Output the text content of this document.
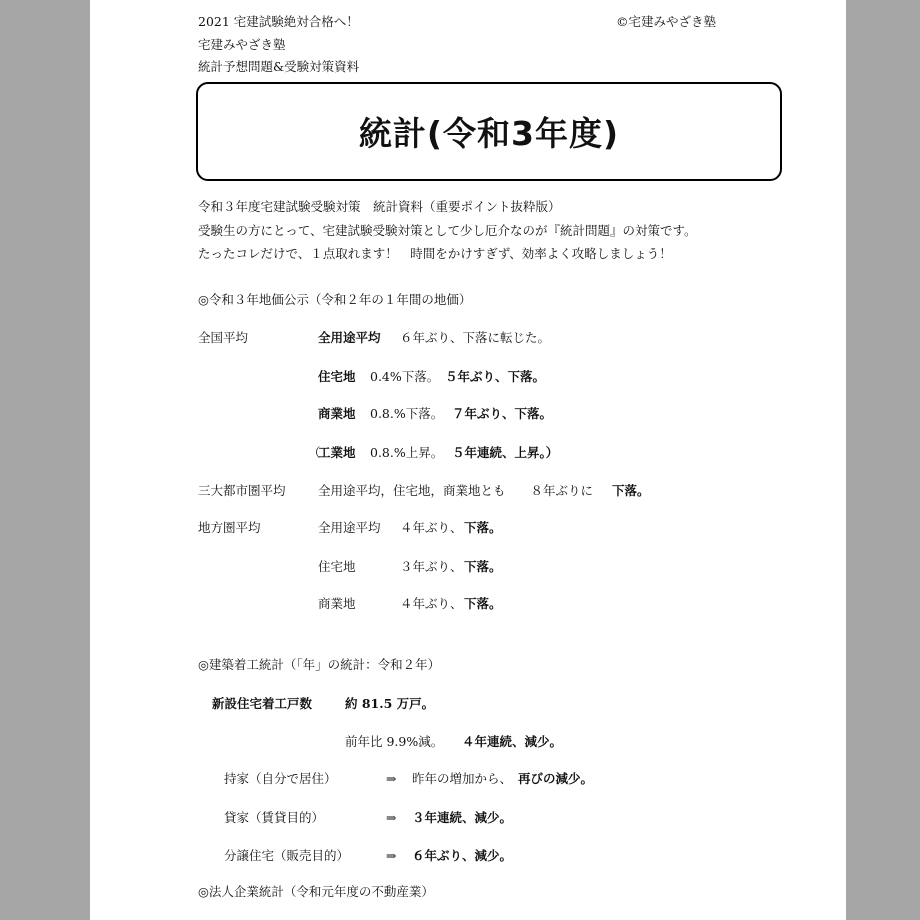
2021 宅建試験絶対合格へ！
宅建みやざき塾
統計予想問題&受験対策資料
©宅建みやざき塾
統計(令和3年度)
令和３年度宅建試験受験対策　統計資料（重要ポイント抜粋版）
受験生の方にとって、宅建試験受験対策として少し厄介なのが『統計問題』の対策です。
たったコレだけで、１点取れます！　時間をかけすぎず、効率よく攻略しましょう！
◎令和３年地価公示（令和２年の１年間の地価）
全国平均	全用途平均 ６年ぶり、下落に転じた。
住宅地 0.4%下落。 ５年ぶり、下落。
商業地 0.8.%下落。 ７年ぶり、下落。
（
工業地 0.8.%上昇。 ５年連続、上昇。）
三大都市圏平均	全用途平均，住宅地，商業地とも　　８年ぶりに 下落。
地方圏平均	全用途平均 ４年ぶり、 下落。
住宅地	３年ぶり、 下落。
商業地	４年ぶり、 下落。
◎建築着工統計（「年」の統計：令和２年）
新設住宅着工戸数	約 81.5 万戸。
前年比 9.9%減。 ４年連続、減少。
持家（自分で居住）	⇒ 昨年の増加から、 再びの減少。
貸家（賃貸目的）	⇒ ３年連続、減少。
分譲住宅（販売目的）	⇒ ６年ぶり、減少。
◎法人企業統計（令和元年度の不動産業）
